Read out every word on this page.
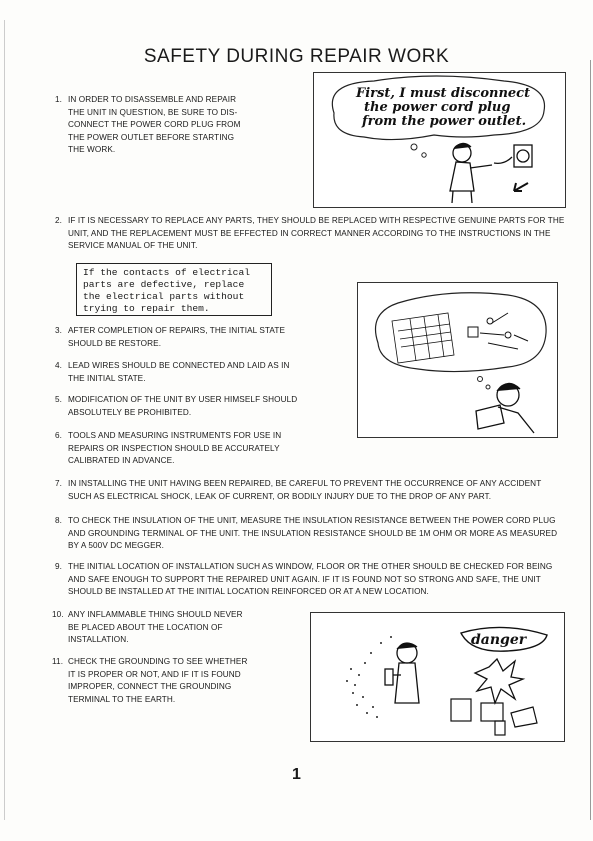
SAFETY DURING REPAIR WORK
1. IN ORDER TO DISASSEMBLE AND REPAIR
THE UNIT IN QUESTION, BE SURE TO DIS-
CONNECT THE POWER CORD PLUG FROM
THE POWER OUTLET BEFORE STARTING
THE WORK.
First, I must disconnect
the power cord plug
from the power outlet.
2. IF IT IS NECESSARY TO REPLACE ANY PARTS, THEY SHOULD BE REPLACED WITH RESPECTIVE GENUINE PARTS FOR THE
UNIT, AND THE REPLACEMENT MUST BE EFFECTED IN CORRECT MANNER ACCORDING TO THE INSTRUCTIONS IN THE
SERVICE MANUAL OF THE UNIT.
If the contacts of electrical
parts are defective, replace
the electrical parts without
trying to repair them.
3. AFTER COMPLETION OF REPAIRS, THE INITIAL STATE
SHOULD BE RESTORE.
4. LEAD WIRES SHOULD BE CONNECTED AND LAID AS IN
THE INITIAL STATE.
5. MODIFICATION OF THE UNIT BY USER HIMSELF SHOULD
ABSOLUTELY BE PROHIBITED.
6. TOOLS AND MEASURING INSTRUMENTS FOR USE IN
REPAIRS OR INSPECTION SHOULD BE ACCURATELY
CALIBRATED IN ADVANCE.
7. IN INSTALLING THE UNIT HAVING BEEN REPAIRED, BE CAREFUL TO PREVENT THE OCCURRENCE OF ANY ACCIDENT
SUCH AS ELECTRICAL SHOCK, LEAK OF CURRENT, OR BODILY INJURY DUE TO THE DROP OF ANY PART.
8. TO CHECK THE INSULATION OF THE UNIT, MEASURE THE INSULATION RESISTANCE BETWEEN THE POWER CORD PLUG
AND GROUNDING TERMINAL OF THE UNIT. THE INSULATION RESISTANCE SHOULD BE 1M OHM OR MORE AS MEASURED
BY A 500V DC MEGGER.
9. THE INITIAL LOCATION OF INSTALLATION SUCH AS WINDOW, FLOOR OR THE OTHER SHOULD BE CHECKED FOR BEING
AND SAFE ENOUGH TO SUPPORT THE REPAIRED UNIT AGAIN. IF IT IS FOUND NOT SO STRONG AND SAFE, THE UNIT
SHOULD BE INSTALLED AT THE INITIAL LOCATION REINFORCED OR AT A NEW LOCATION.
10. ANY INFLAMMABLE THING SHOULD NEVER
BE PLACED ABOUT THE LOCATION OF
INSTALLATION.
11. CHECK THE GROUNDING TO SEE WHETHER
IT IS PROPER OR NOT, AND IF IT IS FOUND
IMPROPER, CONNECT THE GROUNDING
TERMINAL TO THE EARTH.
danger
1
